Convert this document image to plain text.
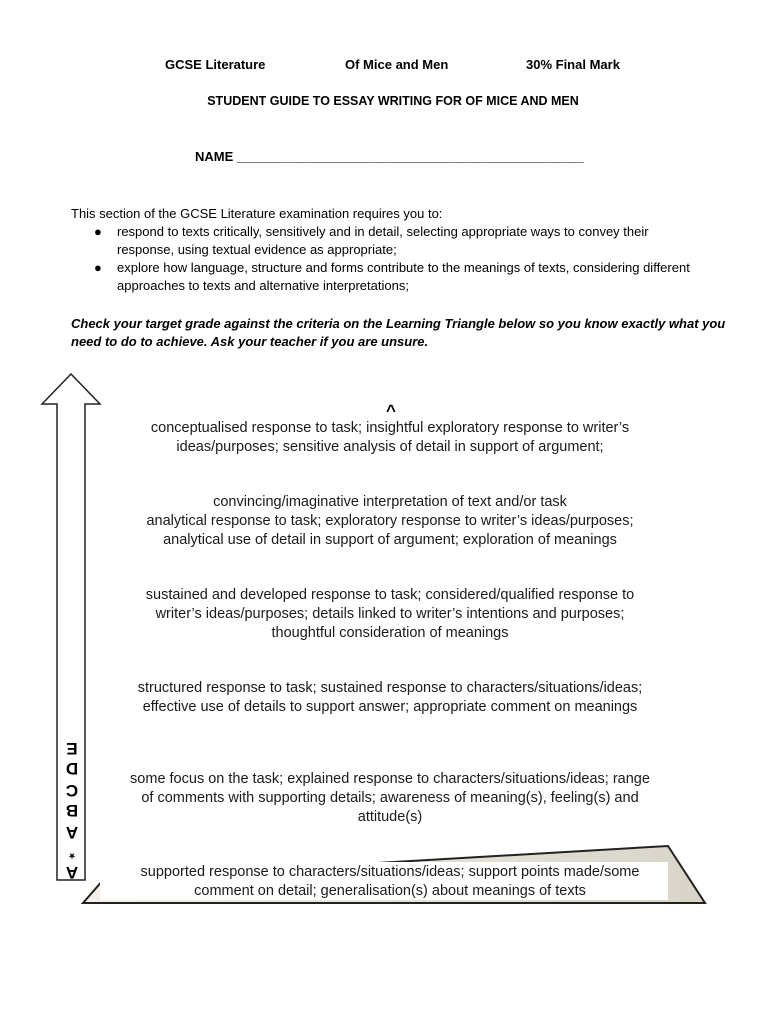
GCSE Literature	Of Mice and Men	30% Final Mark
STUDENT GUIDE TO ESSAY WRITING FOR OF MICE AND MEN
NAME ________________________________________________
This section of the GCSE Literature examination requires you to:
● respond to texts critically, sensitively and in detail, selecting appropriate ways to convey their response, using textual evidence as appropriate;
● explore how language, structure and forms contribute to the meanings of texts, considering different approaches to texts and alternative interpretations;
Check your target grade against the criteria on the Learning Triangle below so you know exactly what you need to do to achieve. Ask your teacher if you are unsure.
^
conceptualised response to task; insightful exploratory response to writer’s
ideas/purposes; sensitive analysis of detail in support of argument;
convincing/imaginative interpretation of text and/or task
analytical response to task; exploratory response to writer’s ideas/purposes;
analytical use of detail in support of argument; exploration of meanings
sustained and developed response to task; considered/qualified response to
writer’s ideas/purposes; details linked to writer’s intentions and purposes;
thoughtful consideration of meanings
structured response to task; sustained response to characters/situations/ideas;
effective use of details to support answer; appropriate comment on meanings
some focus on the task; explained response to characters/situations/ideas; range
of comments with supporting details; awareness of meaning(s), feeling(s) and
attitude(s)
supported response to characters/situations/ideas; support points made/some
comment on detail; generalisation(s) about meanings of texts
E
D
C
B
A
*
A
